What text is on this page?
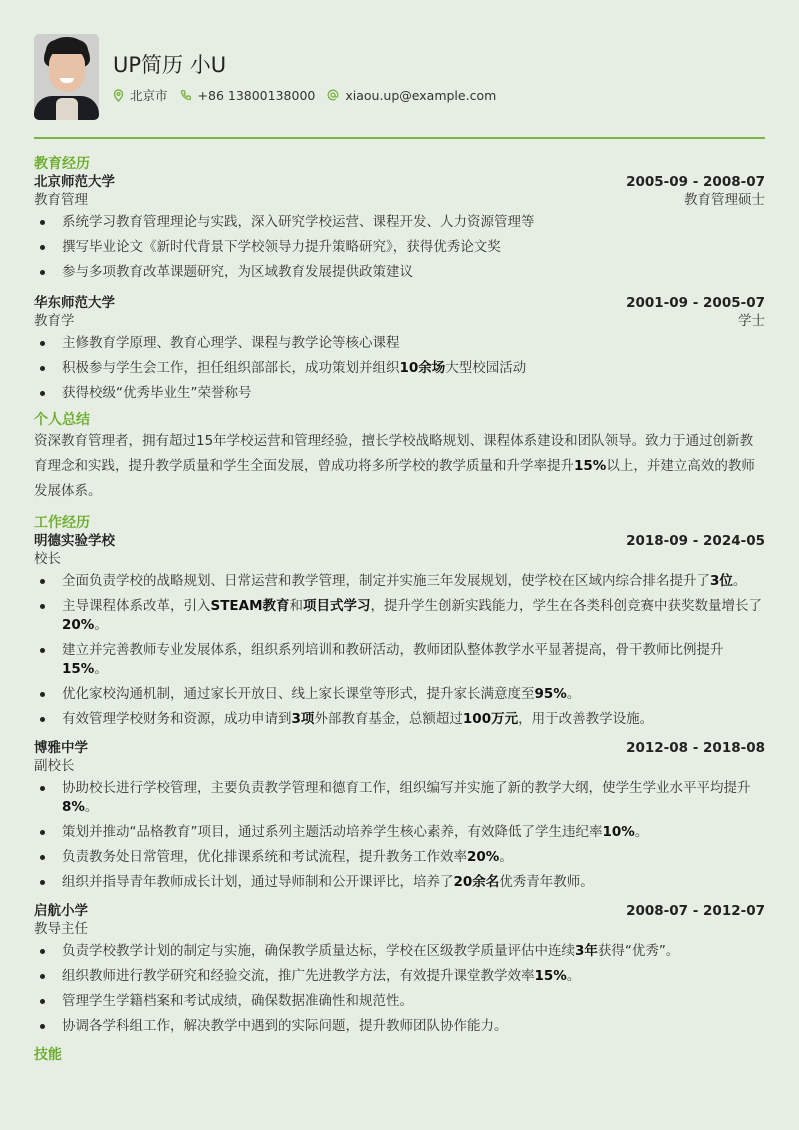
UP简历 小U
北京市 +86 13800138000 xiaou.up@example.com
教育经历
北京师范大学	2005-09 - 2008-07
教育管理	教育管理硕士
系统学习教育管理理论与实践，深入研究学校运营、课程开发、人力资源管理等
撰写毕业论文《新时代背景下学校领导力提升策略研究》，获得优秀论文奖
参与多项教育改革课题研究，为区域教育发展提供政策建议
华东师范大学	2001-09 - 2005-07
教育学	学士
主修教育学原理、教育心理学、课程与教学论等核心课程
积极参与学生会工作，担任组织部部长，成功策划并组织10余场大型校园活动
获得校级“优秀毕业生”荣誉称号
个人总结
资深教育管理者，拥有超过15年学校运营和管理经验，擅长学校战略规划、课程体系建设和团队领导。致力于通过创新教育理念和实践，提升教学质量和学生全面发展，曾成功将多所学校的教学质量和升学率提升15%以上，并建立高效的教师发展体系。
工作经历
明德实验学校	2018-09 - 2024-05
校长
全面负责学校的战略规划、日常运营和教学管理，制定并实施三年发展规划，使学校在区域内综合排名提升了3位。
主导课程体系改革，引入STEAM教育和项目式学习，提升学生创新实践能力，学生在各类科创竞赛中获奖数量增长了20%。
建立并完善教师专业发展体系，组织系列培训和教研活动，教师团队整体教学水平显著提高，骨干教师比例提升15%。
优化家校沟通机制，通过家长开放日、线上家长课堂等形式，提升家长满意度至95%。
有效管理学校财务和资源，成功申请到3项外部教育基金，总额超过100万元，用于改善教学设施。
博雅中学	2012-08 - 2018-08
副校长
协助校长进行学校管理，主要负责教学管理和德育工作，组织编写并实施了新的教学大纲，使学生学业水平平均提升8%。
策划并推动“品格教育”项目，通过系列主题活动培养学生核心素养，有效降低了学生违纪率10%。
负责教务处日常管理，优化排课系统和考试流程，提升教务工作效率20%。
组织并指导青年教师成长计划，通过导师制和公开课评比，培养了20余名优秀青年教师。
启航小学	2008-07 - 2012-07
教导主任
负责学校教学计划的制定与实施，确保教学质量达标，学校在区级教学质量评估中连续3年获得“优秀”。
组织教师进行教学研究和经验交流，推广先进教学方法，有效提升课堂教学效率15%。
管理学生学籍档案和考试成绩，确保数据准确性和规范性。
协调各学科组工作，解决教学中遇到的实际问题，提升教师团队协作能力。
技能
